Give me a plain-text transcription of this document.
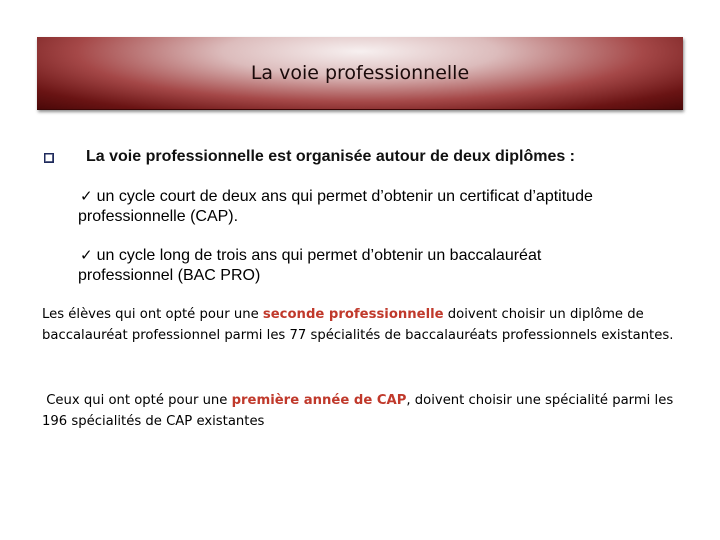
La voie professionnelle
La voie professionnelle est organisée autour de deux diplômes :
✓ un cycle court de deux ans qui permet d’obtenir un certificat d’aptitude
professionnelle (CAP).
✓ un cycle long de trois ans qui permet d’obtenir un baccalauréat
professionnel (BAC PRO)
Les élèves qui ont opté pour une seconde professionnelle doivent choisir un diplôme de baccalauréat professionnel parmi les 77 spécialités de baccalauréats professionnels existantes.
Ceux qui ont opté pour une première année de CAP, doivent choisir une spécialité parmi les 196 spécialités de CAP existantes
